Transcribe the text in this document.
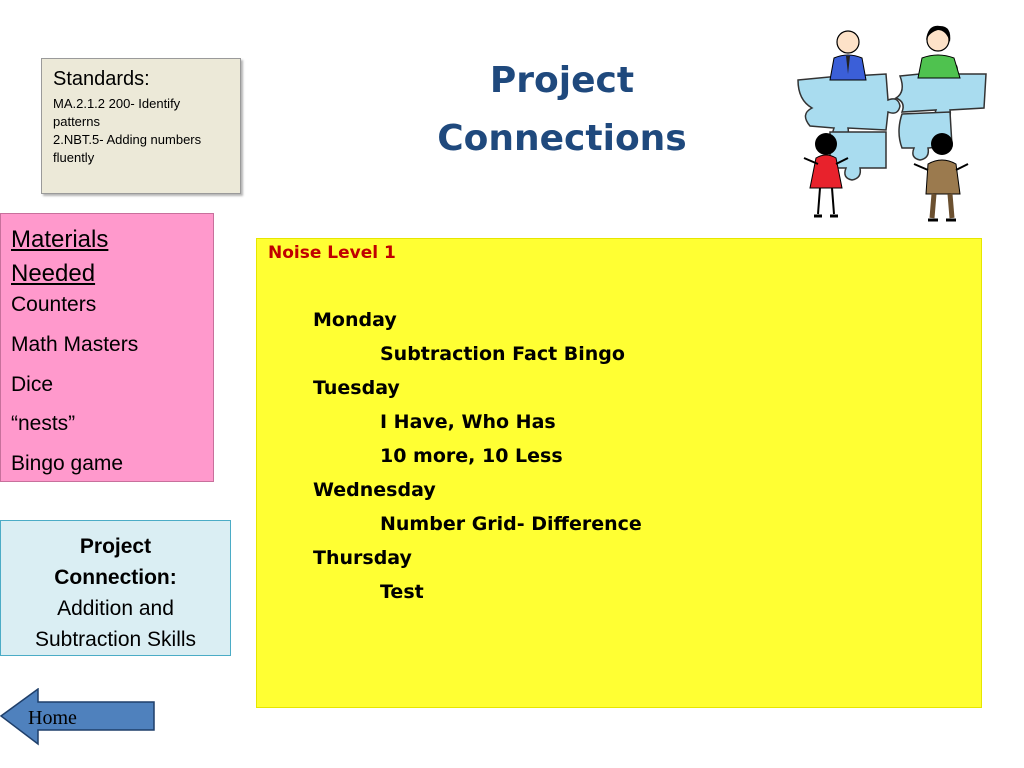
Standards:
MA.2.1.2 200- Identify
patterns
2.NBT.5- Adding numbers
fluently
Project
Connections
Materials
Needed
Counters
Math Masters
Dice
“nests”
Bingo game
Project
Connection:
Addition and
Subtraction Skills
Noise Level 1
Monday
Subtraction Fact Bingo
Tuesday
I Have, Who Has
10 more, 10 Less
Wednesday
Number Grid- Difference
Thursday
Test
Home
